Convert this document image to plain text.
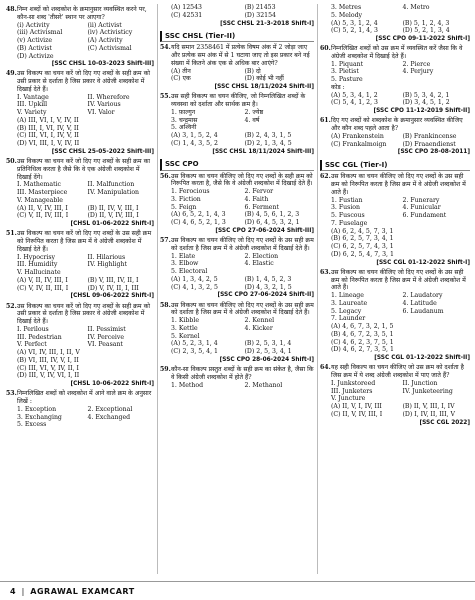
48. निम्न शब्दों को शब्दकोश के क्रमानुसार व्यवस्थित करने पर, कौन-सा शब्द 'तीसरे' स्थान पर आएगा?
(i) Activity	(ii) Activist
(iii) Activismal	(iv) Activisticy
(v) Activize	(A) Activity
(B) Activist	(C) Activismal
(D) Activize
[SSC CHSL 10-03-2023 Shift-III]
49. उस विकल्प का चयन करें जो दिए गए शब्दों के सही क्रम को उसी प्रकार से दर्शाता है जिस प्रकार वे अंग्रेजी शब्दकोश में दिखाई देते हैं।
I. Vantage	II. Wherefore
III. Upkill	IV. Various
V. Variety	VI. Valor
(A) III, VI, I, V, IV, II
(B) III, I, VI, IV, V, II
(C) III, VI, I, IV, V, II
(D) VI, III, I, V, IV, II
[SSC CHSL 25-05-2022 Shift-III]
50. उस विकल्प का चयन करें जो दिए गए शब्दों के सही क्रम का प्रतिनिधित्व करता है जैसे कि वे एक अंग्रेजी शब्दकोश में दिखाई देंगे।
I. Mathematic	II. Malfunction
III. Masterpiece	IV. Manipulation
V. Manageable
(A) II, V, IV, III, I	(B) II, IV, V, III, I
(C) V, II, IV, III, I	(D) II, V, IV, III, I
[CHSL 01-06-2022 Shift-I]
51. उस विकल्प का चयन करें जो दिए गए शब्दों के उस सही क्रम को निरूपित करता है जिस क्रम में वे अंग्रेजी शब्दकोश में दिखाई देते हैं।
I. Hypocrisy	II. Hilarious
III. Humidity	IV. Highlight
V. Hallucinate
(A) V, II, IV, III, I	(B) V, III, IV, II, I
(C) V, IV, II, III, I	(D) V, IV, II, I, III
[CHSL 09-06-2022 Shift-I]
52. उस विकल्प का चयन करें जो दिए गए शब्दों के सही क्रम को उसी प्रकार से दर्शाता है जिस प्रकार वे अंग्रेजी शब्दकोश में दिखाई देते हैं।
I. Perilous	II. Pessimist
III. Pedestrian	IV. Perceive
V. Perfect	VI. Peasant
(A) VI, IV, III, I, II, V
(B) VI, III, IV, V, I, II
(C) III, VI, V, IV, II, I
(D) III, V, IV, VI, I, II
[CHSL 10-06-2022 Shift-I]
53. निम्नलिखित शब्दों को शब्दकोश में आने वाले क्रम के अनुसार लिखें :
1. Exception	2. Exceptional
3. Exchanging	4. Exchanged
5. Excess
(A) 12543	(B) 21453
(C) 42531	(D) 32154
[SSC CHSL 21-3-2018 Shift-I]
SSC CHSL (Tier-II)
54. यदि समान 2358461 में प्रत्येक विषम अंक में 2 जोड़ा जाए और प्रत्येक सम अंक में से 1 घटाया जाए तो इस प्रकार बने नई संख्या में कितने अंक एक से अधिक बार आएंगे?
(A) तीन	(B) दो
(C) एक	(D) कोई भी नहीं
[SSC CHSL 18/11/2024 Shift-II]
55. उस सही विकल्प का चयन कीजिए, जो निम्नलिखित शब्दों के व्यवस्था को दर्शाता और सार्थक क्रम है।
1. फ़ाल्गुन	2. ज्येष्ठ
3. चन्द्रमास	4. वर्ष
5. अश्विनी
(A) 3, 1, 5, 2, 4	(B) 2, 4, 3, 1, 5
(C) 1, 4, 3, 5, 2	(D) 2, 1, 3, 4, 5
[SSC CHSL 18/11/2024 Shift-III]
SSC CPO
56. उस विकल्प का चयन कीजिए जो दिए गए शब्दों के सही क्रम को निरूपित करता है, जैसे कि वे अंग्रेजी शब्दकोश में दिखाई देते हैं।
1. Ferocious	2. Fervor
3. Fiction	4. Faith
5. Feign	6. Ferment
(A) 6, 5, 2, 1, 4, 3	(B) 4, 5, 6, 1, 2, 3
(C) 4, 6, 5, 2, 1, 3	(D) 6, 4, 5, 3, 2, 1
[SSC CPO 27-06-2024 Shift-III]
57. उस विकल्प का चयन कीजिए जो दिए गए शब्दों के उस सही क्रम को दर्शाता है जिस क्रम में वे अंग्रेजी शब्दकोश में दिखाई देते हैं।
1. Elate	2. Election
3. Elbow	4. Elastic
5. Electoral
(A) 1, 3, 4, 2, 5	(B) 1, 4, 5, 2, 3
(C) 4, 1, 3, 2, 5	(D) 4, 3, 2, 1, 5
[SSC CPO 27-06-2024 Shift-II]
58. उस विकल्प का चयन कीजिए जो दिए गए शब्दों के उस सही क्रम को दर्शाता है जिस क्रम में वे अंग्रेजी शब्दकोश में दिखाई देते हैं।
1. Kibble	2. Kennel
3. Kettle	4. Kicker
5. Kernel
(A) 5, 2, 3, 1, 4	(B) 2, 5, 3, 1, 4
(C) 2, 3, 5, 4, 1	(D) 2, 5, 3, 4, 1
[SSC CPO 28-06-2024 Shift-I]
59. कौन-सा विकल्प प्रस्तुत शब्दों के सही क्रम का संकेत है, जैसा कि वे किसी अंग्रेजी शब्दकोश में होते हैं?
1. Method	2. Methanol
3. Metres	4. Metro
5. Melody
(A) 5, 3, 1, 2, 4	(B) 5, 1, 2, 4, 3
(C) 5, 2, 1, 4, 3	(D) 5, 2, 1, 3, 4
[SSC CPO 09-11-2022 Shift-I]
60. निम्नलिखित शब्दों को उस क्रम में व्यवस्थित करें जैसा कि वे अंग्रेजी शब्दकोश में दिखाई देते हैं।
1. Piquant	2. Pierce
3. Pietist	4. Perjury
5. Pasture
कोड :
(A) 5, 3, 4, 1, 2	(B) 5, 3, 4, 2, 1
(C) 5, 4, 1, 2, 3	(D) 3, 4, 5, 1, 2
[SSC CPO 11-12-2019 Shift-II]
61. दिए गए शब्दों को शब्दकोश के क्रमानुसार व्यवस्थित कीजिए और कौन शब्द पहले आता है?
(A) Frankenstein	(B) Frankincense
(C) Frankalmoign	(D) Fraaendienst
[SSC CPO 28-08-2011]
SSC CGL (Tier-I)
62. उस विकल्प का चयन कीजिए जो दिए गए शब्दों के उस सही क्रम को निरूपित करता है जिस क्रम में वे अंग्रेजी शब्दकोश में आते हैं।
1. Fustian	2. Funerary
3. Fusion	4. Funicular
5. Fuscous	6. Fundament
7. Fuselage
(A) 6, 2, 4, 5, 7, 3, 1
(B) 6, 2, 5, 7, 3, 4, 1
(C) 6, 2, 5, 7, 4, 3, 1
(D) 6, 2, 5, 4, 7, 3, 1
[SSC CGL 01-12-2022 Shift-I]
63. उस विकल्प का चयन कीजिए जो दिए गए शब्दों के उस सही क्रम को निरूपित करता है जिस क्रम में वे अंग्रेजी शब्दकोश में आते हैं।
1. Lineage	2. Laudatory
3. Laureate	4. Latitude
5. Legacy	6. Laudanum
7. Launder
(A) 4, 6, 7, 3, 2, 1, 5
(B) 4, 6, 7, 2, 3, 5, 1
(C) 4, 6, 2, 3, 7, 5, 1
(D) 4, 6, 2, 7, 3, 5, 1
[SSC CGL 01-12-2022 Shift-II]
64. यह सही विकल्प का चयन कीजिए जो उस क्रम को दर्शाता है जिस क्रम में ये शब्द अंग्रेजी शब्दकोश में पाए जाते हैं?
I. Junkstoreed	II. Junction
III. Junketers	IV. Junketeering
V. Juncture
(A) II, V, I, IV, III	(B) II, V, III, I, IV
(C) II, V, IV, III, I	(D) I, IV, II, III, V
[SSC CGL 2022]
4 | AGRAWAL EXAMCART
